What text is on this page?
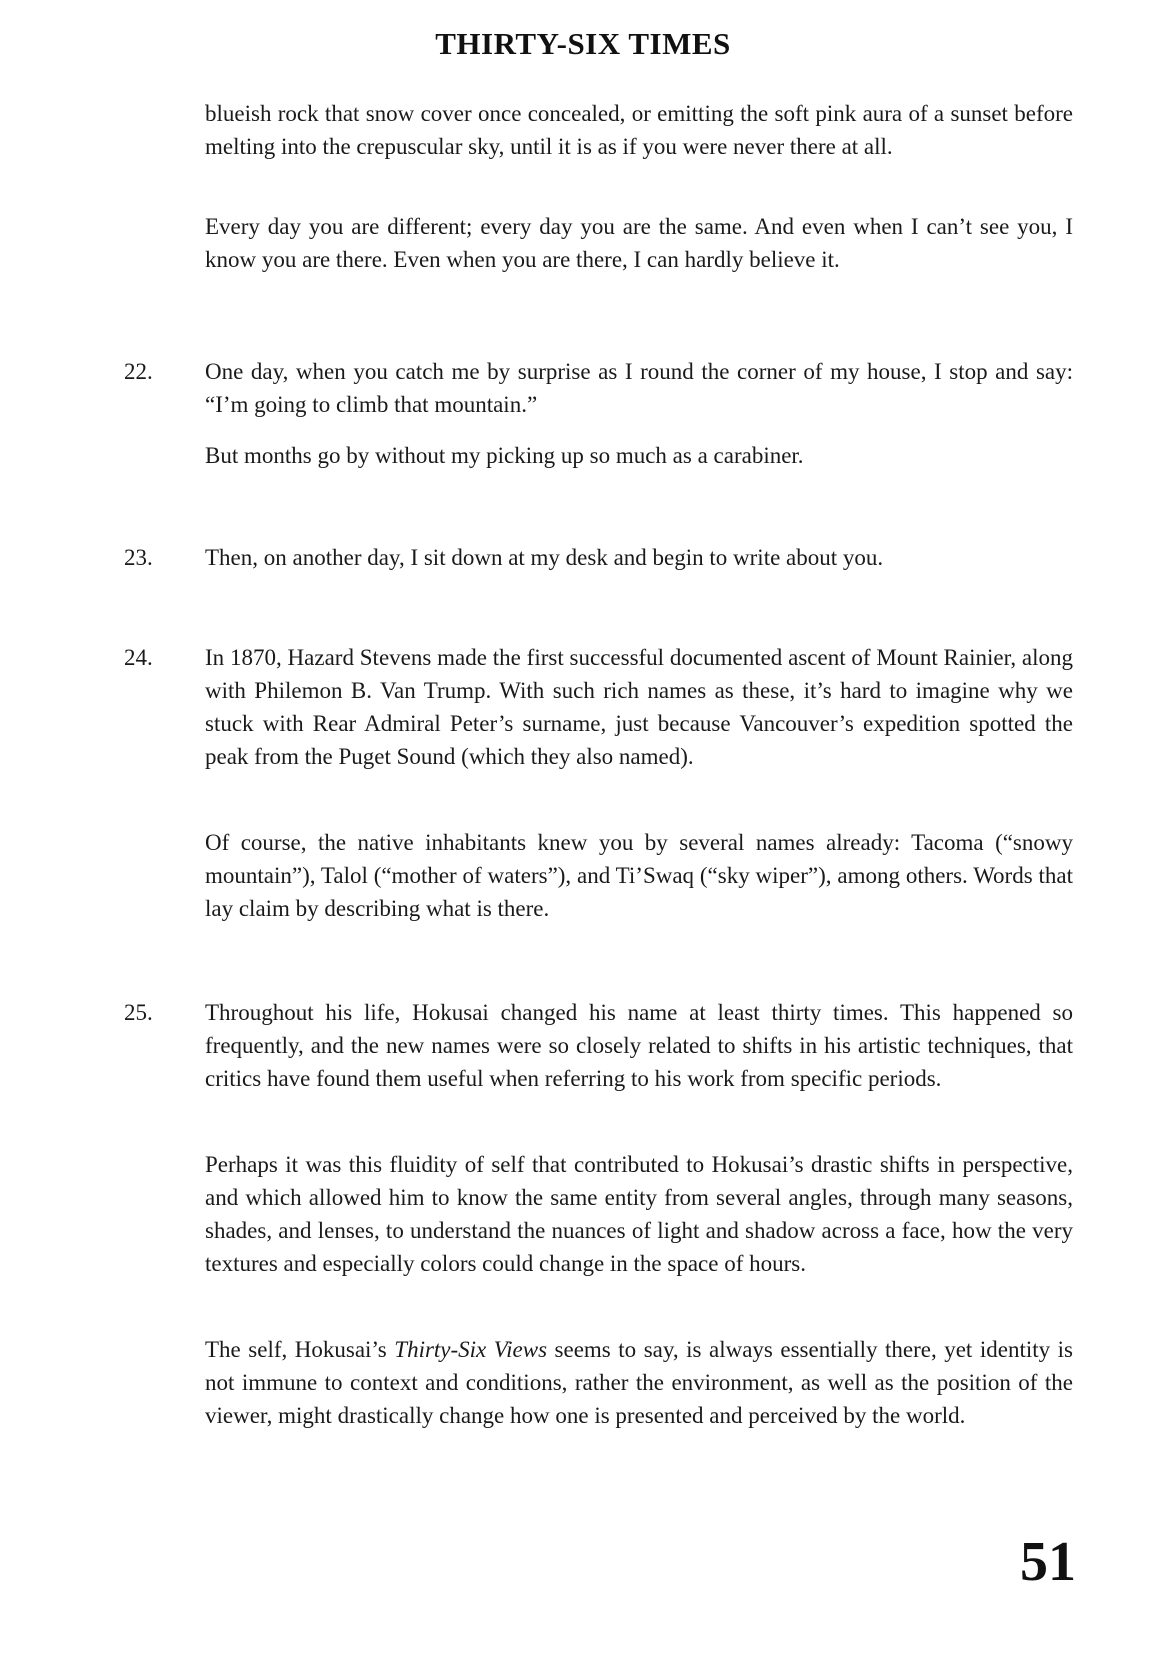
THIRTY-SIX TIMES

blueish rock that snow cover once concealed, or emitting the soft pink aura of a sunset before melting into the crepuscular sky, until it is as if you were never there at all.

Every day you are different; every day you are the same. And even when I can’t see you, I know you are there. Even when you are there, I can hardly believe it.

22. One day, when you catch me by surprise as I round the corner of my house, I stop and say: “I’m going to climb that mountain.”

But months go by without my picking up so much as a carabiner.

23. Then, on another day, I sit down at my desk and begin to write about you.

24. In 1870, Hazard Stevens made the first successful documented ascent of Mount Rainier, along with Philemon B. Van Trump. With such rich names as these, it’s hard to imagine why we stuck with Rear Admiral Peter’s surname, just because Vancouver’s expedition spotted the peak from the Puget Sound (which they also named).

Of course, the native inhabitants knew you by several names already: Tacoma (“snowy mountain”), Talol (“mother of waters”), and Ti’Swaq (“sky wiper”), among others. Words that lay claim by describing what is there.

25. Throughout his life, Hokusai changed his name at least thirty times. This happened so frequently, and the new names were so closely related to shifts in his artistic techniques, that critics have found them useful when referring to his work from specific periods.

Perhaps it was this fluidity of self that contributed to Hokusai’s drastic shifts in perspective, and which allowed him to know the same entity from several angles, through many seasons, shades, and lenses, to understand the nuances of light and shadow across a face, how the very textures and especially colors could change in the space of hours.

The self, Hokusai’s Thirty-Six Views seems to say, is always essentially there, yet identity is not immune to context and conditions, rather the environment, as well as the position of the viewer, might drastically change how one is presented and perceived by the world.

51
